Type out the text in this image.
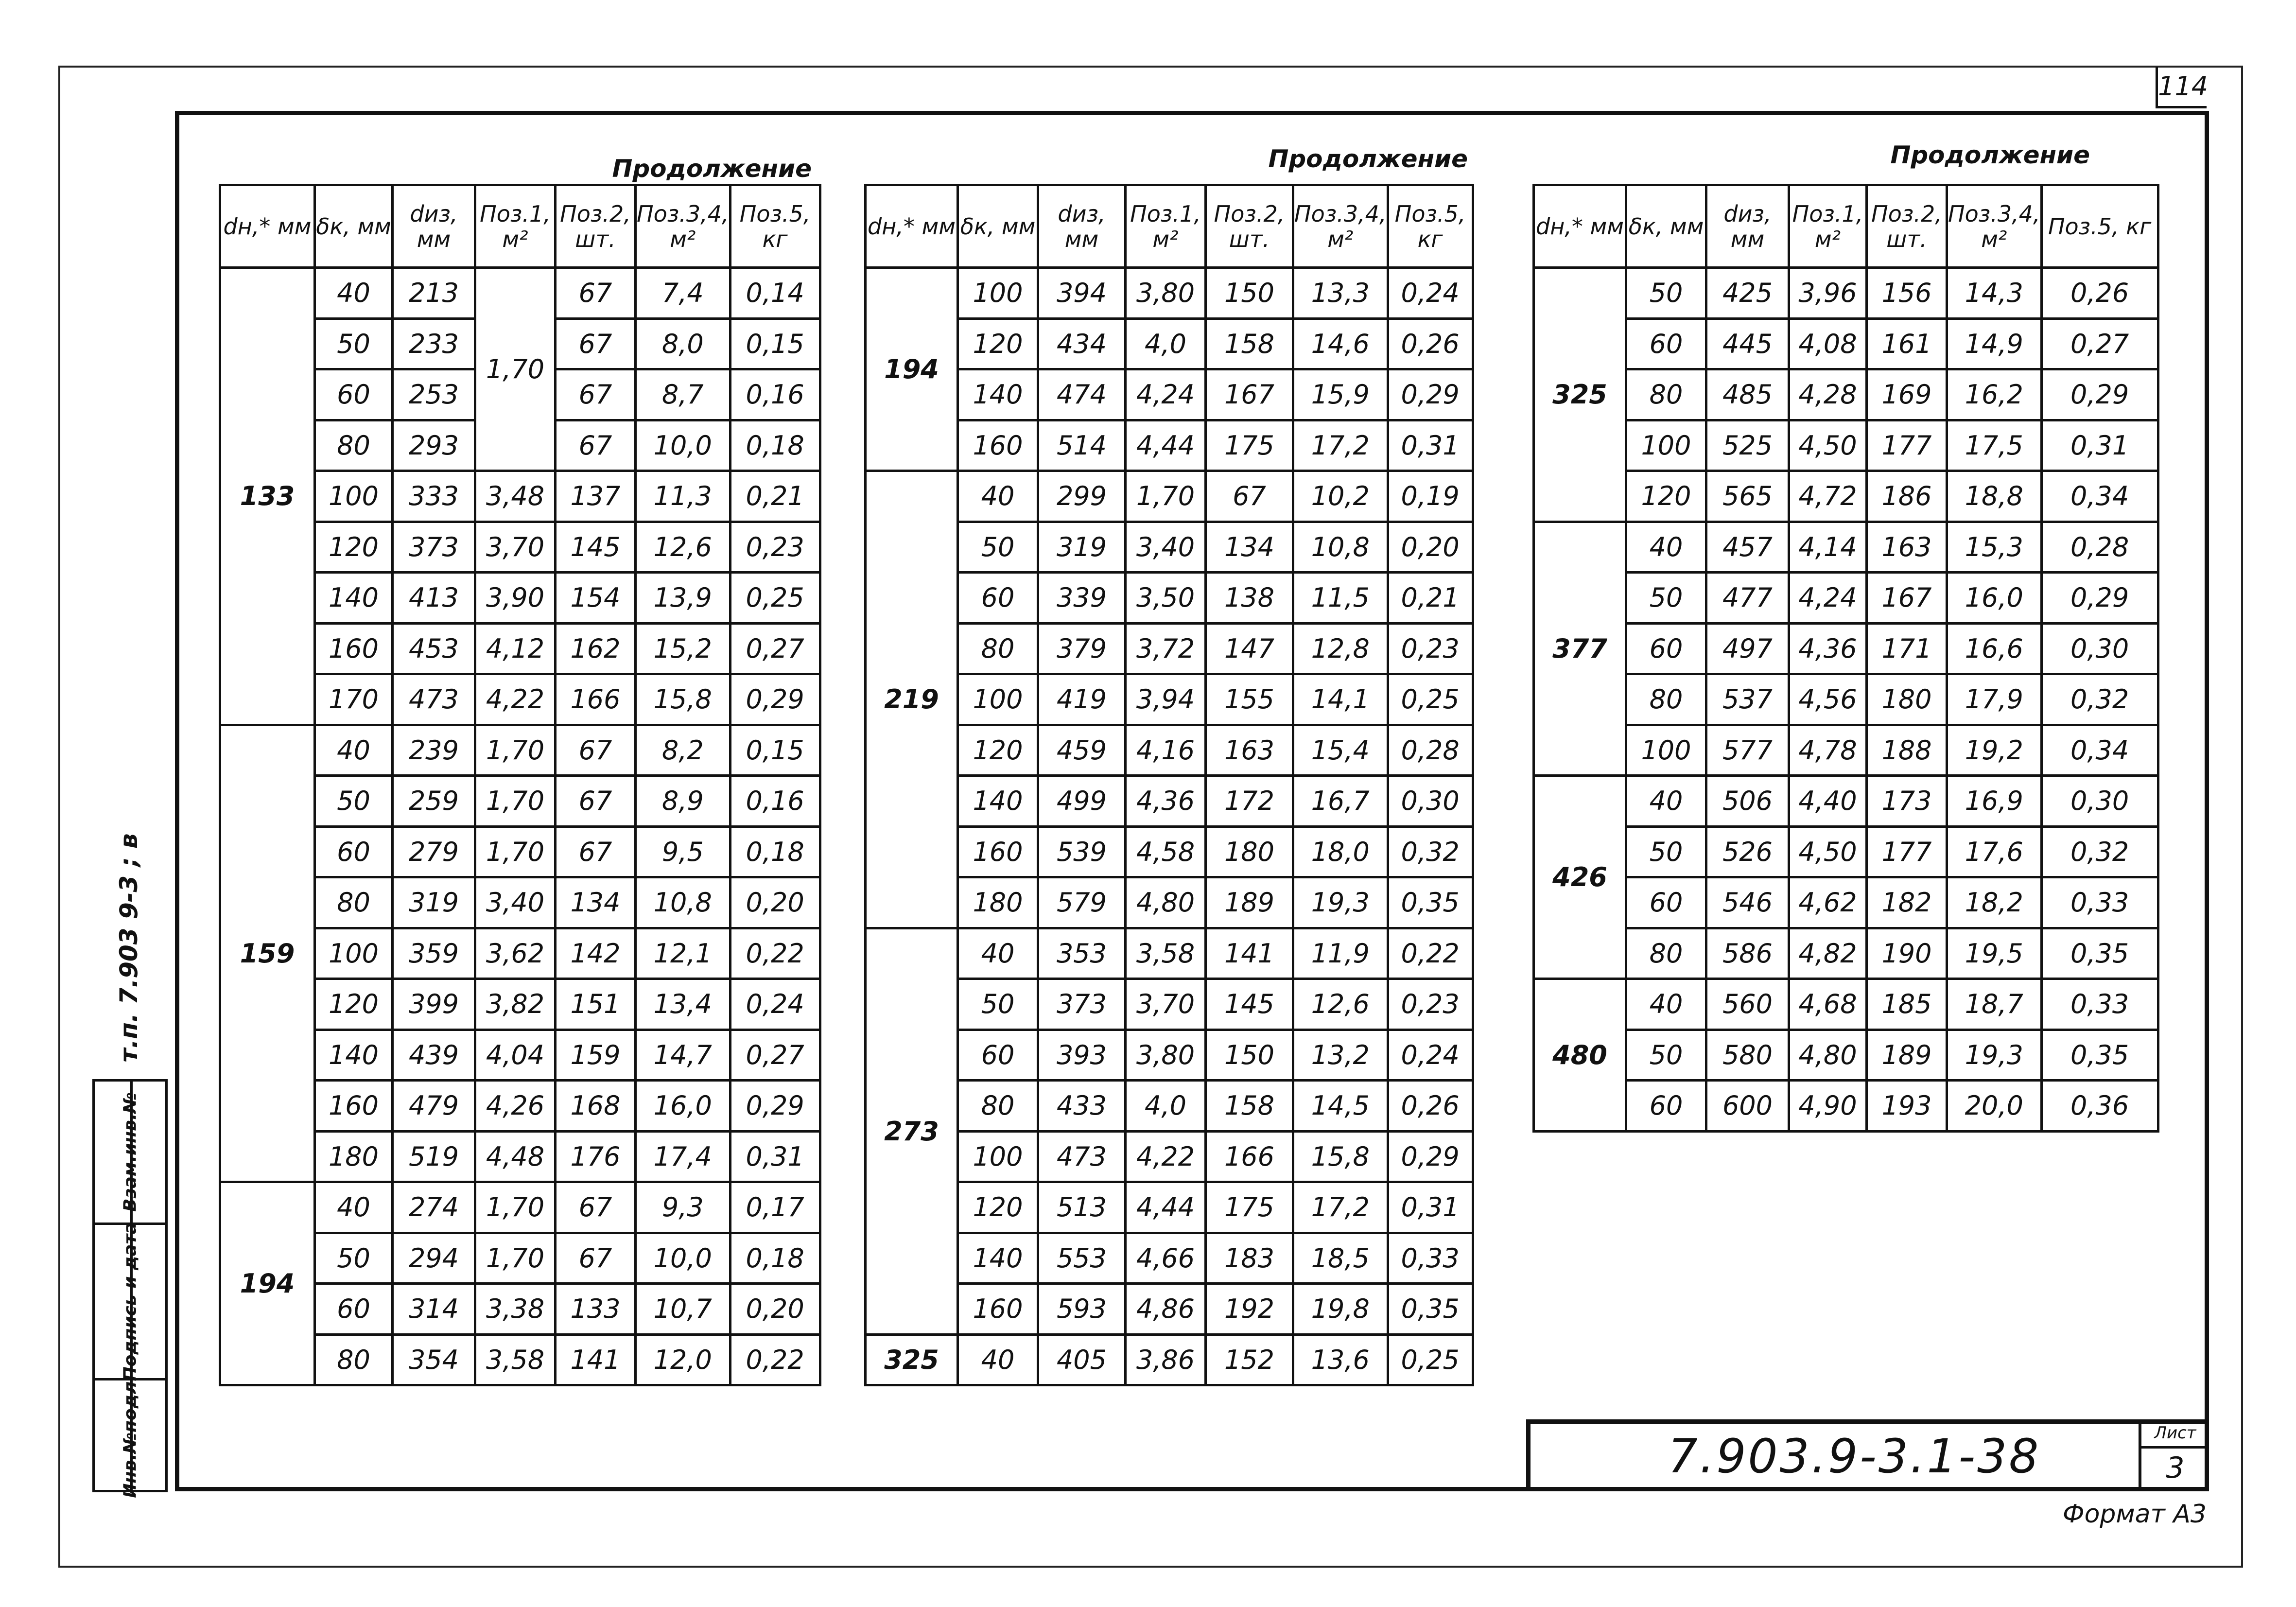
114
Взам.инв.№
Подпись и дата
Инв.№подл.
т.п. 7.903 9-3 ; в
Продолжение	Продолжение	Продолжение
dн,* мм	δк, мм	dиз, мм	Поз.1, м²	Поз.2, шт.	Поз.3,4, м²	Поз.5, кг
133	40	213	1,70	67	7,4	0,14
	50	233		67	8,0	0,15
	60	253		67	8,7	0,16
	80	293		67	10,0	0,18
	100	333	3,48	137	11,3	0,21
	120	373	3,70	145	12,6	0,23
	140	413	3,90	154	13,9	0,25
	160	453	4,12	162	15,2	0,27
	170	473	4,22	166	15,8	0,29
159	40	239	1,70	67	8,2	0,15
	50	259	1,70	67	8,9	0,16
	60	279	1,70	67	9,5	0,18
	80	319	3,40	134	10,8	0,20
	100	359	3,62	142	12,1	0,22
	120	399	3,82	151	13,4	0,24
	140	439	4,04	159	14,7	0,27
	160	479	4,26	168	16,0	0,29
	180	519	4,48	176	17,4	0,31
194	40	274	1,70	67	9,3	0,17
	50	294	1,70	67	10,0	0,18
	60	314	3,38	133	10,7	0,20
	80	354	3,58	141	12,0	0,22
dн,* мм	δк, мм	dиз, мм	Поз.1, м²	Поз.2, шт.	Поз.3,4, м²	Поз.5, кг
194	100	394	3,80	150	13,3	0,24
	120	434	4,0	158	14,6	0,26
	140	474	4,24	167	15,9	0,29
	160	514	4,44	175	17,2	0,31
219	40	299	1,70	67	10,2	0,19
	50	319	3,40	134	10,8	0,20
	60	339	3,50	138	11,5	0,21
	80	379	3,72	147	12,8	0,23
	100	419	3,94	155	14,1	0,25
	120	459	4,16	163	15,4	0,28
	140	499	4,36	172	16,7	0,30
	160	539	4,58	180	18,0	0,32
	180	579	4,80	189	19,3	0,35
273	40	353	3,58	141	11,9	0,22
	50	373	3,70	145	12,6	0,23
	60	393	3,80	150	13,2	0,24
	80	433	4,0	158	14,5	0,26
	100	473	4,22	166	15,8	0,29
	120	513	4,44	175	17,2	0,31
	140	553	4,66	183	18,5	0,33
	160	593	4,86	192	19,8	0,35
325	40	405	3,86	152	13,6	0,25
dн,* мм	δк, мм	dиз, мм	Поз.1, м²	Поз.2, шт.	Поз.3,4, м²	Поз.5, кг
325	50	425	3,96	156	14,3	0,26
	60	445	4,08	161	14,9	0,27
	80	485	4,28	169	16,2	0,29
	100	525	4,50	177	17,5	0,31
	120	565	4,72	186	18,8	0,34
377	40	457	4,14	163	15,3	0,28
	50	477	4,24	167	16,0	0,29
	60	497	4,36	171	16,6	0,30
	80	537	4,56	180	17,9	0,32
	100	577	4,78	188	19,2	0,34
426	40	506	4,40	173	16,9	0,30
	50	526	4,50	177	17,6	0,32
	60	546	4,62	182	18,2	0,33
	80	586	4,82	190	19,5	0,35
480	40	560	4,68	185	18,7	0,33
	50	580	4,80	189	19,3	0,35
	60	600	4,90	193	20,0	0,36
7.903.9-3.1-38	Лист
3
Формат А3
